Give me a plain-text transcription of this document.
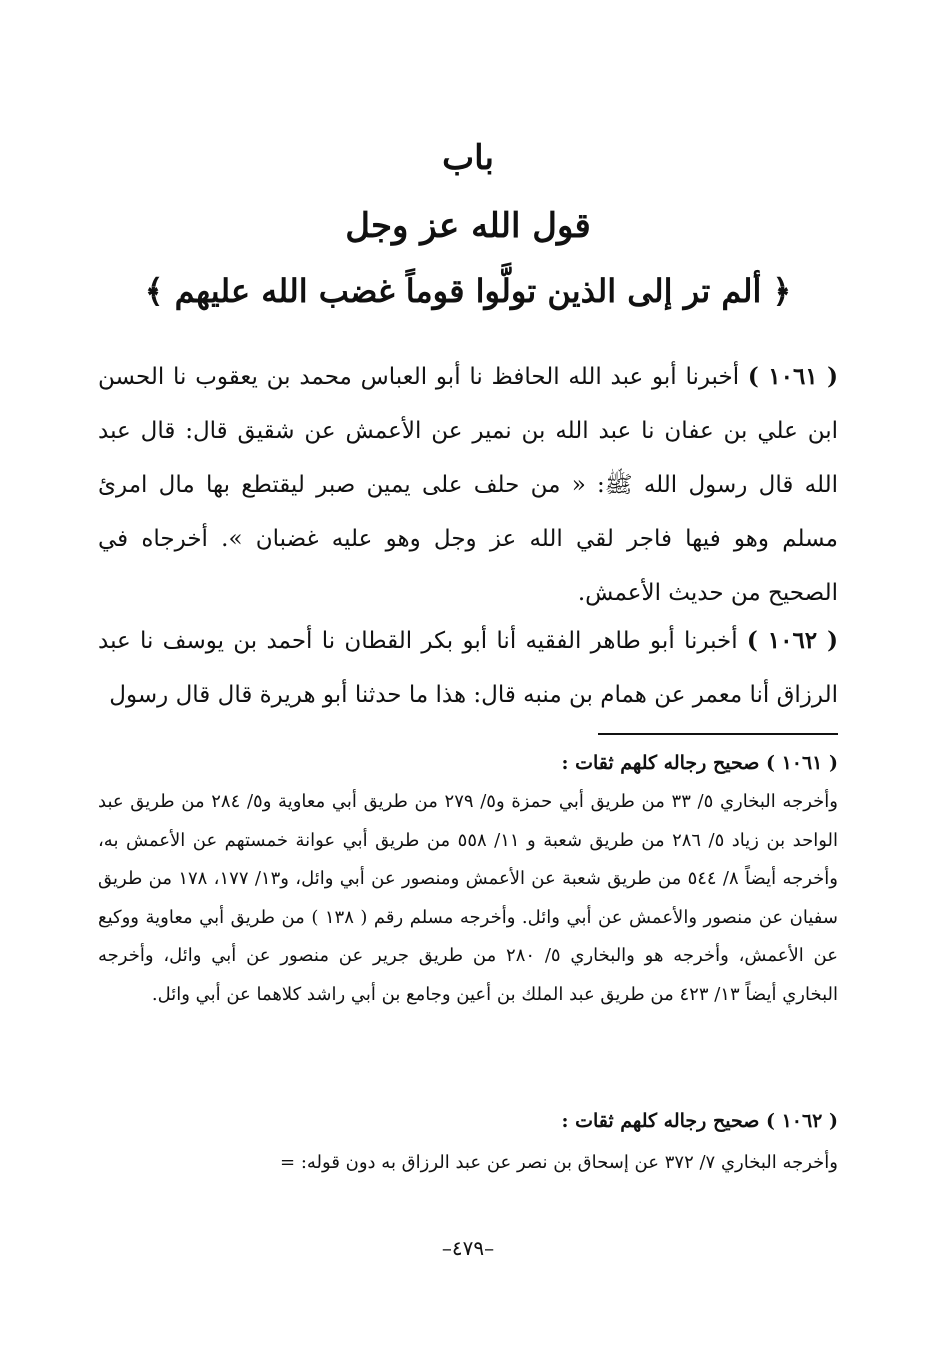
باب
قول الله عز وجل
﴿ ألم تر إلى الذين تولَّوا قوماً غضب الله عليهم ﴾

( ١٠٦١ ) أخبرنا أبو عبد الله الحافظ نا أبو العباس محمد بن يعقوب نا الحسن ابن علي بن عفان نا عبد الله بن نمير عن الأعمش عن شقيق قال: قال عبد الله قال رسول الله ﷺ: « من حلف على يمين صبر ليقتطع بها مال امرئ مسلم وهو فيها فاجر لقي الله عز وجل وهو عليه غضبان ». أخرجاه في الصحيح من حديث الأعمش.

( ١٠٦٢ ) أخبرنا أبو طاهر الفقيه أنا أبو بكر القطان نا أحمد بن يوسف نا عبد الرزاق أنا معمر عن همام بن منبه قال: هذا ما حدثنا أبو هريرة قال قال رسول

( ١٠٦١ ) صحيح رجاله كلهم ثقات :

وأخرجه البخاري ٥/ ٣٣ من طريق أبي حمزة و٥/ ٢٧٩ من طريق أبي معاوية و٥/ ٢٨٤ من طريق عبد الواحد بن زياد ٥/ ٢٨٦ من طريق شعبة و ١١/ ٥٥٨ من طريق أبي عوانة خمستهم عن الأعمش به، وأخرجه أيضاً ٨/ ٥٤٤ من طريق شعبة عن الأعمش ومنصور عن أبي وائل، و١٣/ ١٧٧، ١٧٨ من طريق سفيان عن منصور والأعمش عن أبي وائل. وأخرجه مسلم رقم ( ١٣٨ ) من طريق أبي معاوية ووكيع عن الأعمش، وأخرجه هو والبخاري ٥/ ٢٨٠ من طريق جرير عن منصور عن أبي وائل، وأخرجه البخاري أيضاً ١٣/ ٤٢٣ من طريق عبد الملك بن أعين وجامع بن أبي راشد كلاهما عن أبي وائل.

( ١٠٦٢ ) صحيح رجاله كلهم ثقات :

وأخرجه البخاري ٧/ ٣٧٢ عن إسحاق بن نصر عن عبد الرزاق به دون قوله: =

–٤٧٩–
